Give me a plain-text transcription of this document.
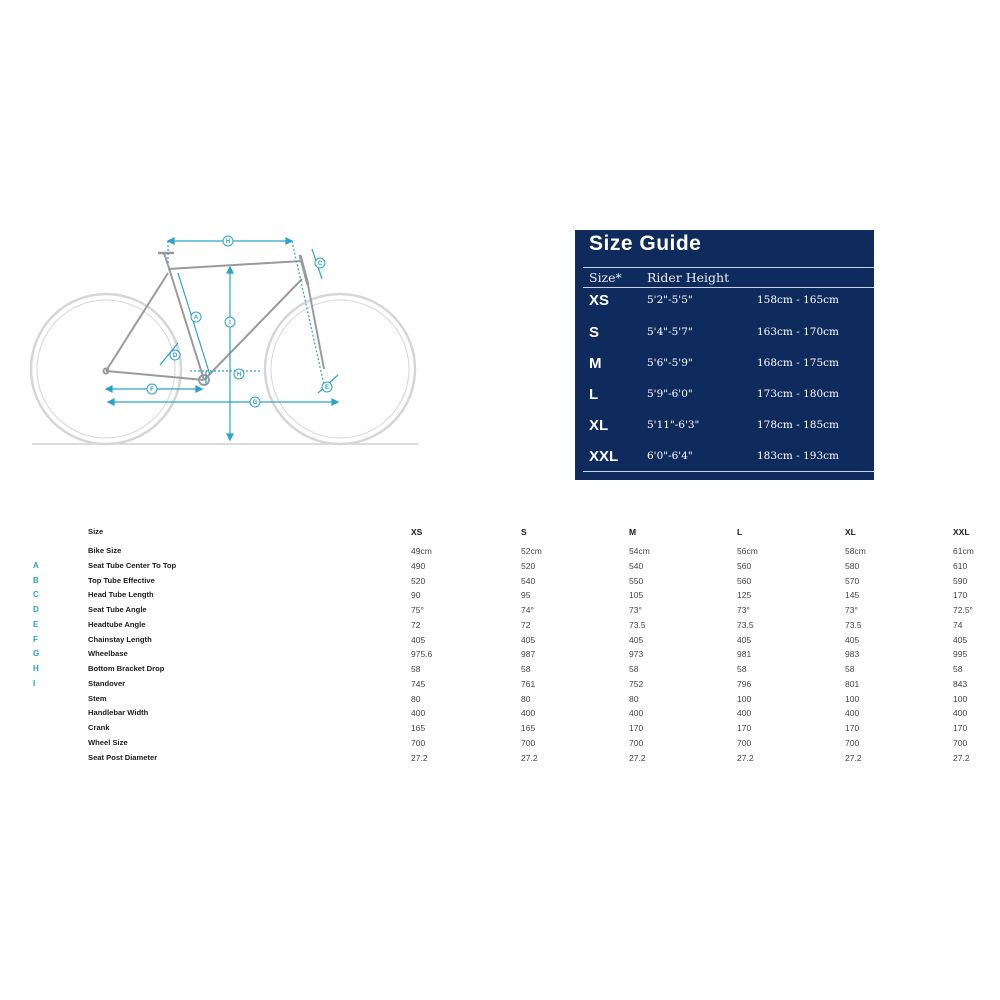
H
C
A
I
D
H
E
F
G
Size Guide
Size* Rider Height
XS	5'2"-5'5"	158cm - 165cm
S	5'4"-5'7"	163cm - 170cm
M	5'6"-5'9"	168cm - 175cm
L	5'9"-6'0"	173cm - 180cm
XL	5'11"-6'3"	178cm - 185cm
XXL	6'0"-6'4"	183cm - 193cm
Size	XS	S	M	L	XL	XXL
Bike Size	49cm	52cm	54cm	56cm	58cm	61cm
A	Seat Tube Center To Top	490	520	540	560	580	610
B	Top Tube Effective	520	540	550	560	570	590
C	Head Tube Length	90	95	105	125	145	170
D	Seat Tube Angle	75°	74°	73°	73°	73°	72.5°
E	Headtube Angle	72	72	73.5	73.5	73.5	74
F	Chainstay Length	405	405	405	405	405	405
G	Wheelbase	975.6	987	973	981	983	995
H	Bottom Bracket Drop	58	58	58	58	58	58
I	Standover	745	761	752	796	801	843
Stem	80	80	80	100	100	100
Handlebar Width	400	400	400	400	400	400
Crank	165	165	170	170	170	170
Wheel Size	700	700	700	700	700	700
Seat Post Diameter	27.2	27.2	27.2	27.2	27.2	27.2
